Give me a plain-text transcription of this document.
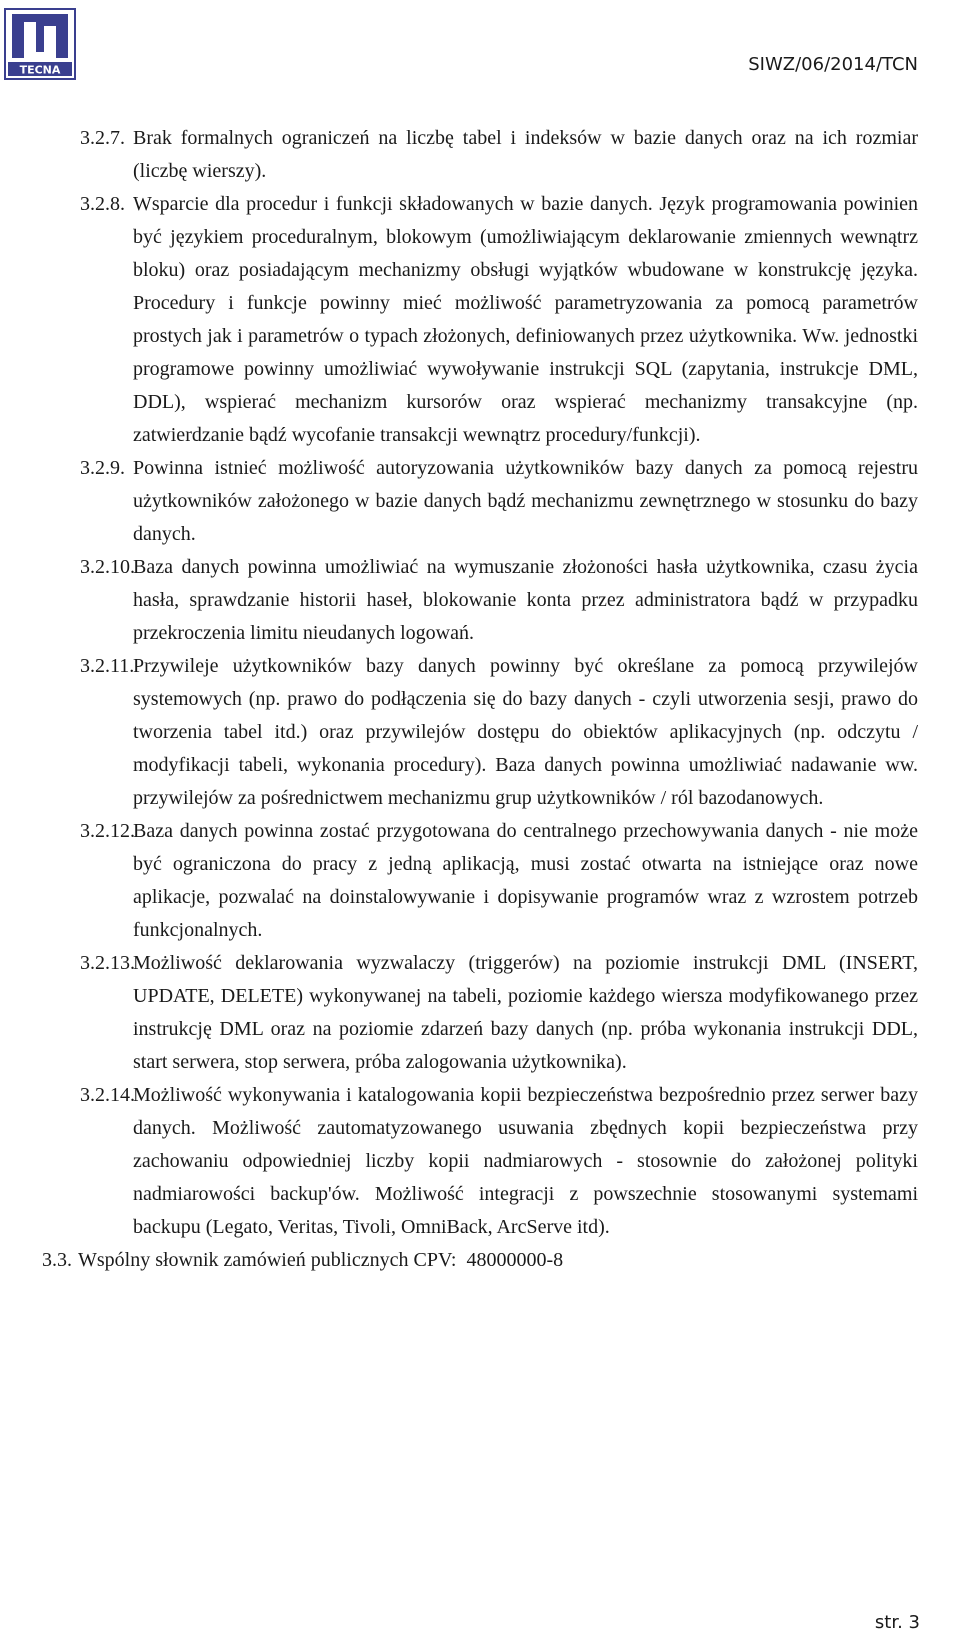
TECNA	SIWZ/06/2014/TCN
3.2.7. Brak formalnych ograniczeń na liczbę tabel i indeksów w bazie danych oraz na ich rozmiar (liczbę wierszy).
3.2.8. Wsparcie dla procedur i funkcji składowanych w bazie danych. Język programowania powinien być językiem proceduralnym, blokowym (umożliwiającym deklarowanie zmiennych wewnątrz bloku) oraz posiadającym mechanizmy obsługi wyjątków wbudowane w konstrukcję języka. Procedury i funkcje powinny mieć możliwość parametryzowania za pomocą parametrów prostych jak i parametrów o typach złożonych, definiowanych przez użytkownika. Ww. jednostki programowe powinny umożliwiać wywoływanie instrukcji SQL (zapytania, instrukcje DML, DDL), wspierać mechanizm kursorów oraz wspierać mechanizmy transakcyjne (np. zatwierdzanie bądź wycofanie transakcji wewnątrz procedury/funkcji).
3.2.9. Powinna istnieć możliwość autoryzowania użytkowników bazy danych za pomocą rejestru użytkowników założonego w bazie danych bądź mechanizmu zewnętrznego w stosunku do bazy danych.
3.2.10.
Baza danych powinna umożliwiać na wymuszanie złożoności hasła użytkownika, czasu życia hasła, sprawdzanie historii haseł, blokowanie konta przez administratora bądź w przypadku przekroczenia limitu nieudanych logowań.
3.2.11.
Przywileje użytkowników bazy danych powinny być określane za pomocą przywilejów systemowych (np. prawo do podłączenia się do bazy danych - czyli utworzenia sesji, prawo do tworzenia tabel itd.) oraz przywilejów dostępu do obiektów aplikacyjnych (np. odczytu / modyfikacji tabeli, wykonania procedury). Baza danych powinna umożliwiać nadawanie ww. przywilejów za pośrednictwem mechanizmu grup użytkowników / ról bazodanowych.
3.2.12.
Baza danych powinna zostać przygotowana do centralnego przechowywania danych - nie może być ograniczona do pracy z jedną aplikacją, musi zostać otwarta na istniejące oraz nowe aplikacje, pozwalać na doinstalowywanie i dopisywanie programów wraz z wzrostem potrzeb funkcjonalnych.
3.2.13.
Możliwość deklarowania wyzwalaczy (triggerów) na poziomie instrukcji DML (INSERT, UPDATE, DELETE) wykonywanej na tabeli, poziomie każdego wiersza modyfikowanego przez instrukcję DML oraz na poziomie zdarzeń bazy danych (np. próba wykonania instrukcji DDL, start serwera, stop serwera, próba zalogowania użytkownika).
3.2.14.
Możliwość wykonywania i katalogowania kopii bezpieczeństwa bezpośrednio przez serwer bazy danych. Możliwość zautomatyzowanego usuwania zbędnych kopii bezpieczeństwa przy zachowaniu odpowiedniej liczby kopii nadmiarowych - stosownie do założonej polityki nadmiarowości backup'ów. Możliwość integracji z powszechnie stosowanymi systemami backupu (Legato, Veritas, Tivoli, OmniBack, ArcServe itd).
3.3. Wspólny słownik zamówień publicznych CPV: 48000000-8
str. 3
